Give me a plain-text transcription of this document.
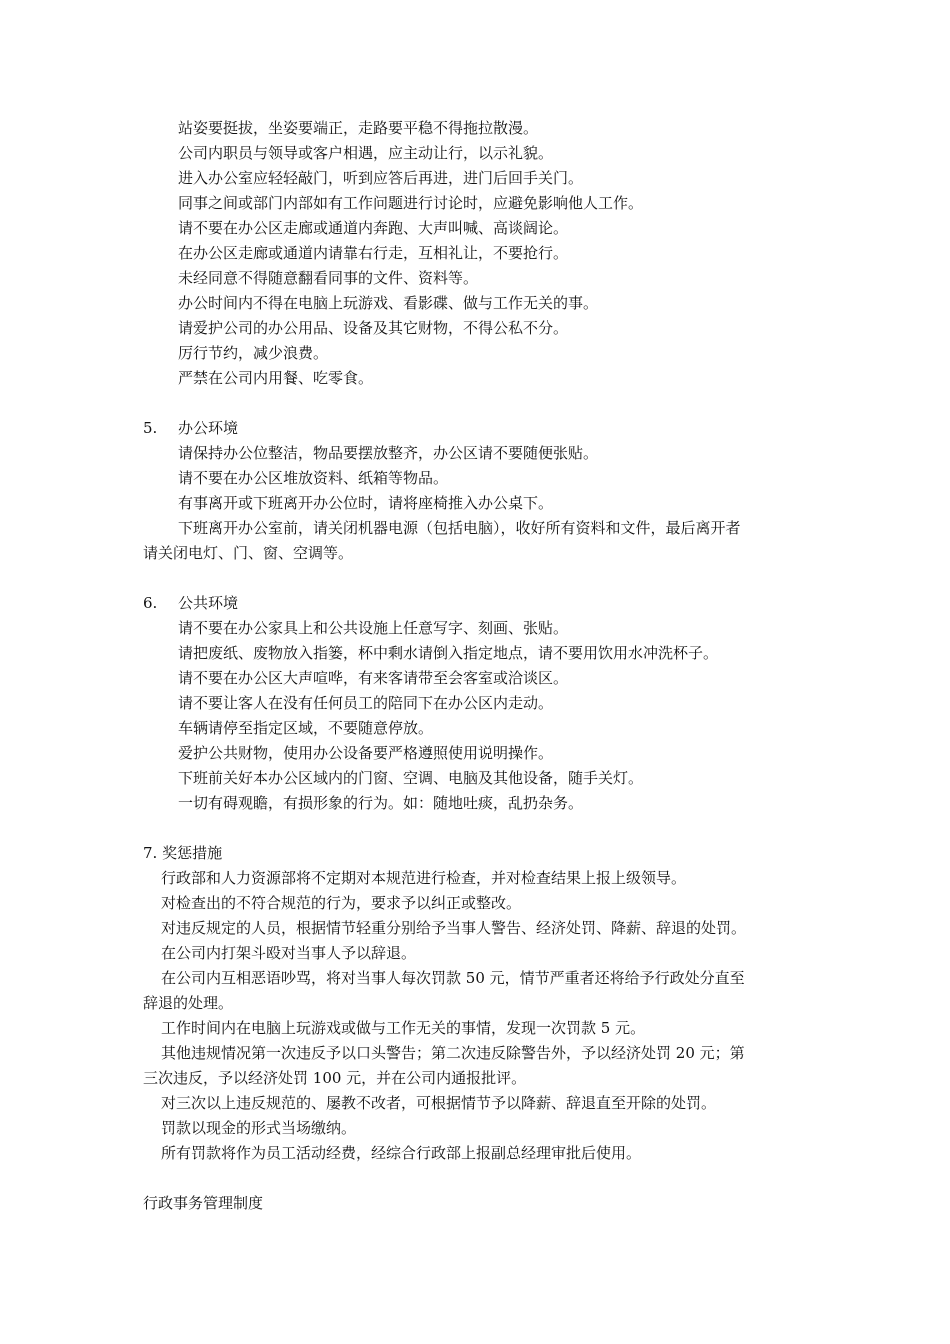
站姿要挺拔，坐姿要端正，走路要平稳不得拖拉散漫。
公司内职员与领导或客户相遇，应主动让行，以示礼貌。
进入办公室应轻轻敲门，听到应答后再进，进门后回手关门。
同事之间或部门内部如有工作问题进行讨论时，应避免影响他人工作。
请不要在办公区走廊或通道内奔跑、大声叫喊、高谈阔论。
在办公区走廊或通道内请靠右行走，互相礼让，不要抢行。
未经同意不得随意翻看同事的文件、资料等。
办公时间内不得在电脑上玩游戏、看影碟、做与工作无关的事。
请爱护公司的办公用品、设备及其它财物，不得公私不分。
厉行节约，减少浪费。
严禁在公司内用餐、吃零食。
5.	办公环境
请保持办公位整洁，物品要摆放整齐，办公区请不要随便张贴。
请不要在办公区堆放资料、纸箱等物品。
有事离开或下班离开办公位时，请将座椅推入办公桌下。
下班离开办公室前，请关闭机器电源（包括电脑），收好所有资料和文件，最后离开者
请关闭电灯、门、窗、空调等。
6.	公共环境
请不要在办公家具上和公共设施上任意写字、刻画、张贴。
请把废纸、废物放入指篓，杯中剩水请倒入指定地点，请不要用饮用水冲洗杯子。
请不要在办公区大声喧哗，有来客请带至会客室或洽谈区。
请不要让客人在没有任何员工的陪同下在办公区内走动。
车辆请停至指定区域，不要随意停放。
爱护公共财物，使用办公设备要严格遵照使用说明操作。
下班前关好本办公区域内的门窗、空调、电脑及其他设备，随手关灯。
一切有碍观瞻，有损形象的行为。如：随地吐痰，乱扔杂务。
7. 奖惩措施
行政部和人力资源部将不定期对本规范进行检查，并对检查结果上报上级领导。
对检查出的不符合规范的行为，要求予以纠正或整改。
对违反规定的人员，根据情节轻重分别给予当事人警告、经济处罚、降薪、辞退的处罚。
在公司内打架斗殴对当事人予以辞退。
在公司内互相恶语吵骂，将对当事人每次罚款 50 元，情节严重者还将给予行政处分直至
辞退的处理。
工作时间内在电脑上玩游戏或做与工作无关的事情，发现一次罚款 5 元。
其他违规情况第一次违反予以口头警告；第二次违反除警告外，予以经济处罚 20 元；第
三次违反，予以经济处罚 100 元，并在公司内通报批评。
对三次以上违反规范的、屡教不改者，可根据情节予以降薪、辞退直至开除的处罚。
罚款以现金的形式当场缴纳。
所有罚款将作为员工活动经费，经综合行政部上报副总经理审批后使用。
行政事务管理制度
